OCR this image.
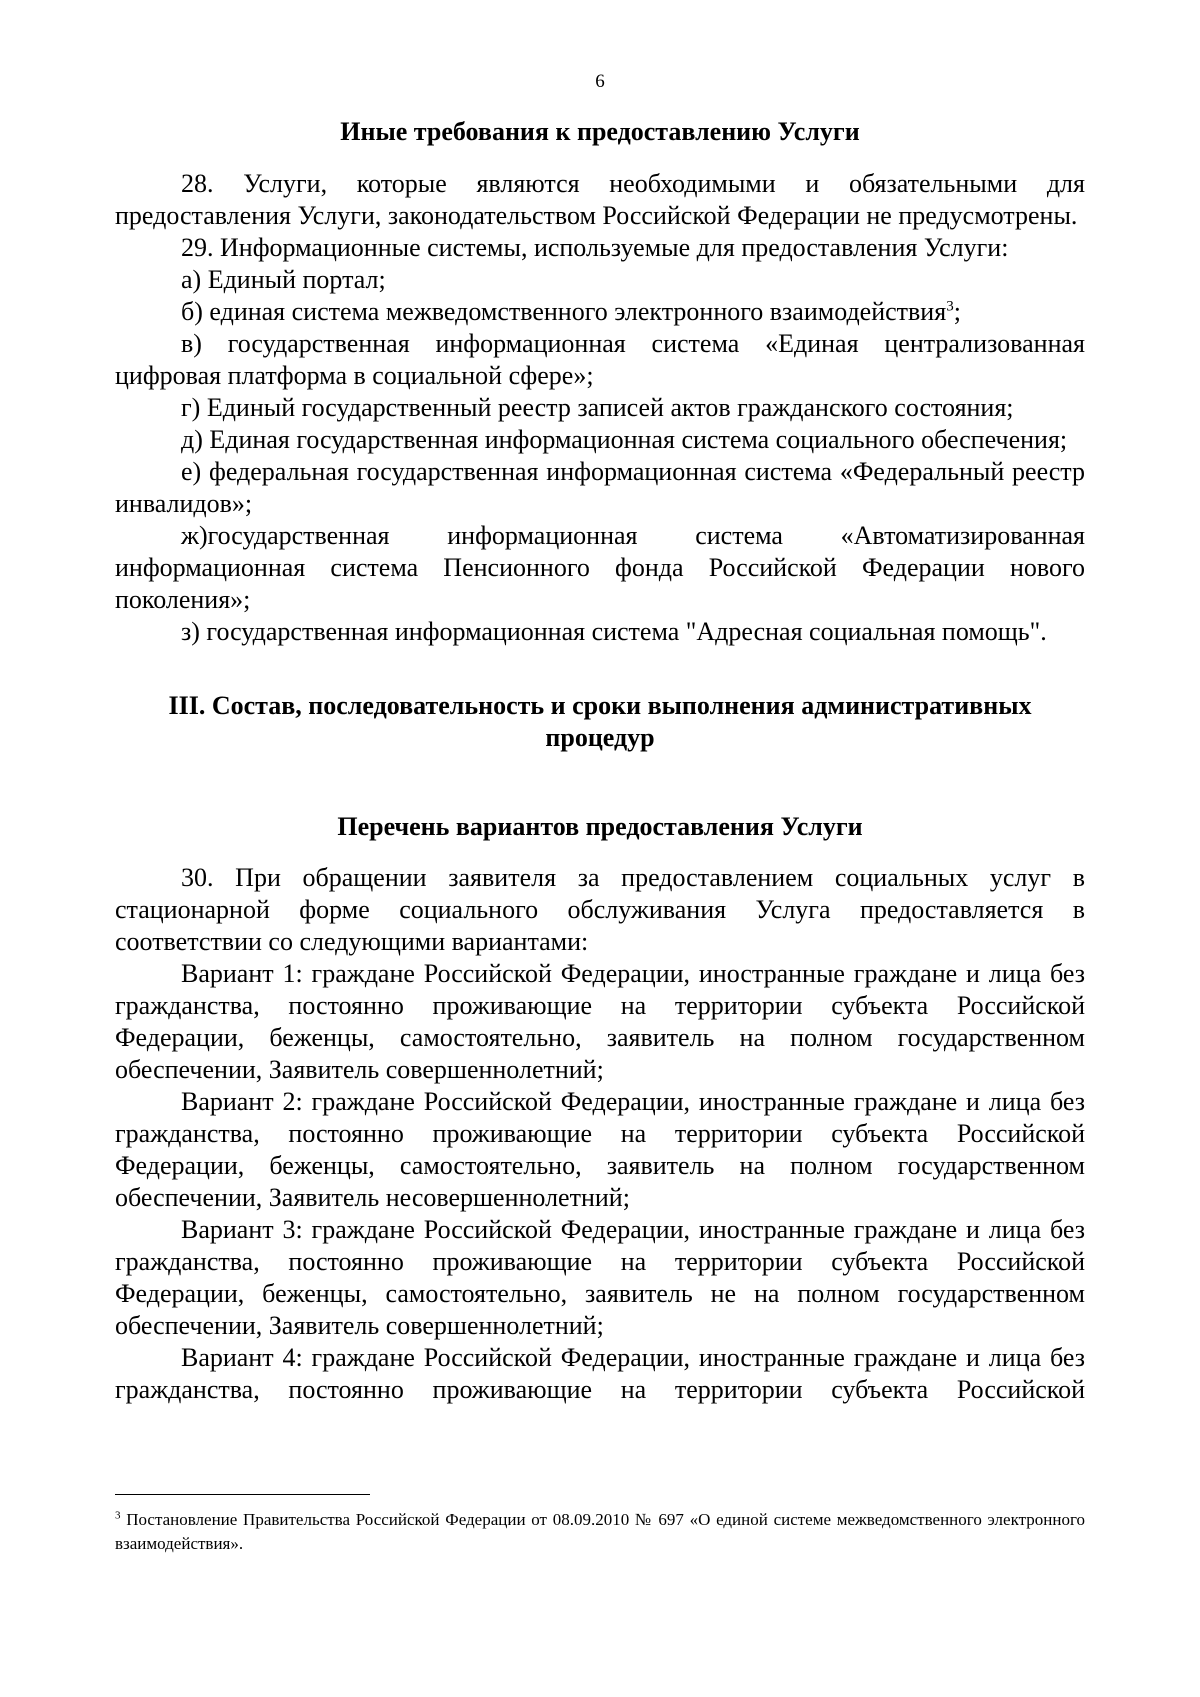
6

Иные требования к предоставлению Услуги

28. Услуги, которые являются необходимыми и обязательными для предоставления Услуги, законодательством Российской Федерации не предусмотрены.

29. Информационные системы, используемые для предоставления Услуги:

а) Единый портал;

б) единая система межведомственного электронного взаимодействия$^3$;

в) государственная информационная система «Единая централизованная цифровая платформа в социальной сфере»;

г) Единый государственный реестр записей актов гражданского состояния;

д) Единая государственная информационная система социального обеспечения;

е) федеральная государственная информационная система «Федеральный реестр инвалидов»;

ж)государственная информационная система «Автоматизированная информационная система Пенсионного фонда Российской Федерации нового поколения»;

з) государственная информационная система "Адресная социальная помощь".

III. Состав, последовательность и сроки выполнения административных процедур

Перечень вариантов предоставления Услуги

30. При обращении заявителя за предоставлением социальных услуг в стационарной форме социального обслуживания Услуга предоставляется в соответствии со следующими вариантами:

Вариант 1: граждане Российской Федерации, иностранные граждане и лица без гражданства, постоянно проживающие на территории субъекта Российской Федерации, беженцы, самостоятельно, заявитель на полном государственном обеспечении, Заявитель совершеннолетний;

Вариант 2: граждане Российской Федерации, иностранные граждане и лица без гражданства, постоянно проживающие на территории субъекта Российской Федерации, беженцы, самостоятельно, заявитель на полном государственном обеспечении, Заявитель несовершеннолетний;

Вариант 3: граждане Российской Федерации, иностранные граждане и лица без гражданства, постоянно проживающие на территории субъекта Российской Федерации, беженцы, самостоятельно, заявитель не на полном государственном обеспечении, Заявитель совершеннолетний;

Вариант 4: граждане Российской Федерации, иностранные граждане и лица без гражданства, постоянно проживающие на территории субъекта Российской

$^3$ Постановление Правительства Российской Федерации от 08.09.2010 № 697 «О единой системе межведомственного электронного взаимодействия».
